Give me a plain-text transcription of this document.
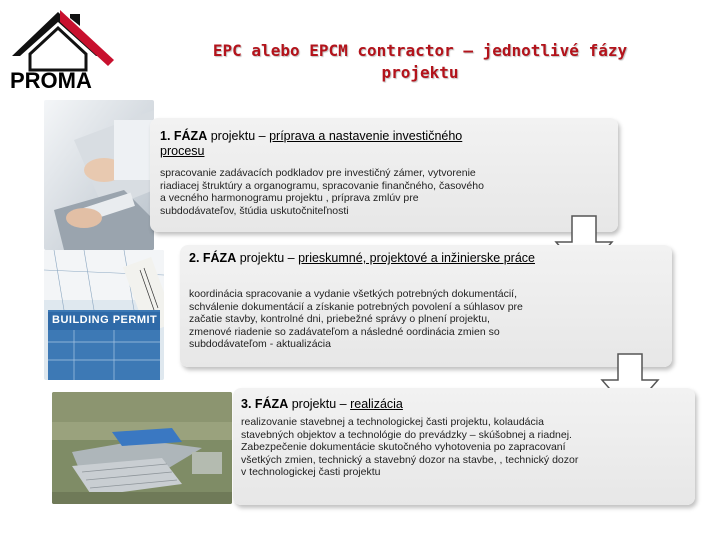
PROMA
EPC alebo EPCM contractor – jednotlivé fázy
projektu
BUILDING PERMIT
1. FÁZA projektu – príprava a nastavenie investičného procesu
spracovanie zadávacích podkladov pre investičný zámer, vytvorenie riadiacej štruktúry a organogramu, spracovanie finančného, časového a vecného harmonogramu projektu , príprava zmlúv pre subdodávateľov, štúdia uskutočniteľnosti
2. FÁZA projektu – prieskumné, projektové a inžinierske práce
koordinácia spracovanie a vydanie všetkých potrebných dokumentácií, schválenie dokumentácií a získanie potrebných povolení a súhlasov pre začatie stavby, kontrolné dni, priebežné správy o plnení projektu, zmenové riadenie so zadávateľom a následné oordinácia zmien so subdodávateľom - aktualizácia
3. FÁZA projektu – realizácia
realizovanie stavebnej a technologickej časti projektu, kolaudácia stavebných objektov a technológie do prevádzky – skúšobnej a riadnej. Zabezpečenie dokumentácie skutočného vyhotovenia po zapracovaní všetkých zmien, technický a stavebný dozor na stavbe, , technický dozor v technologickej časti projektu
